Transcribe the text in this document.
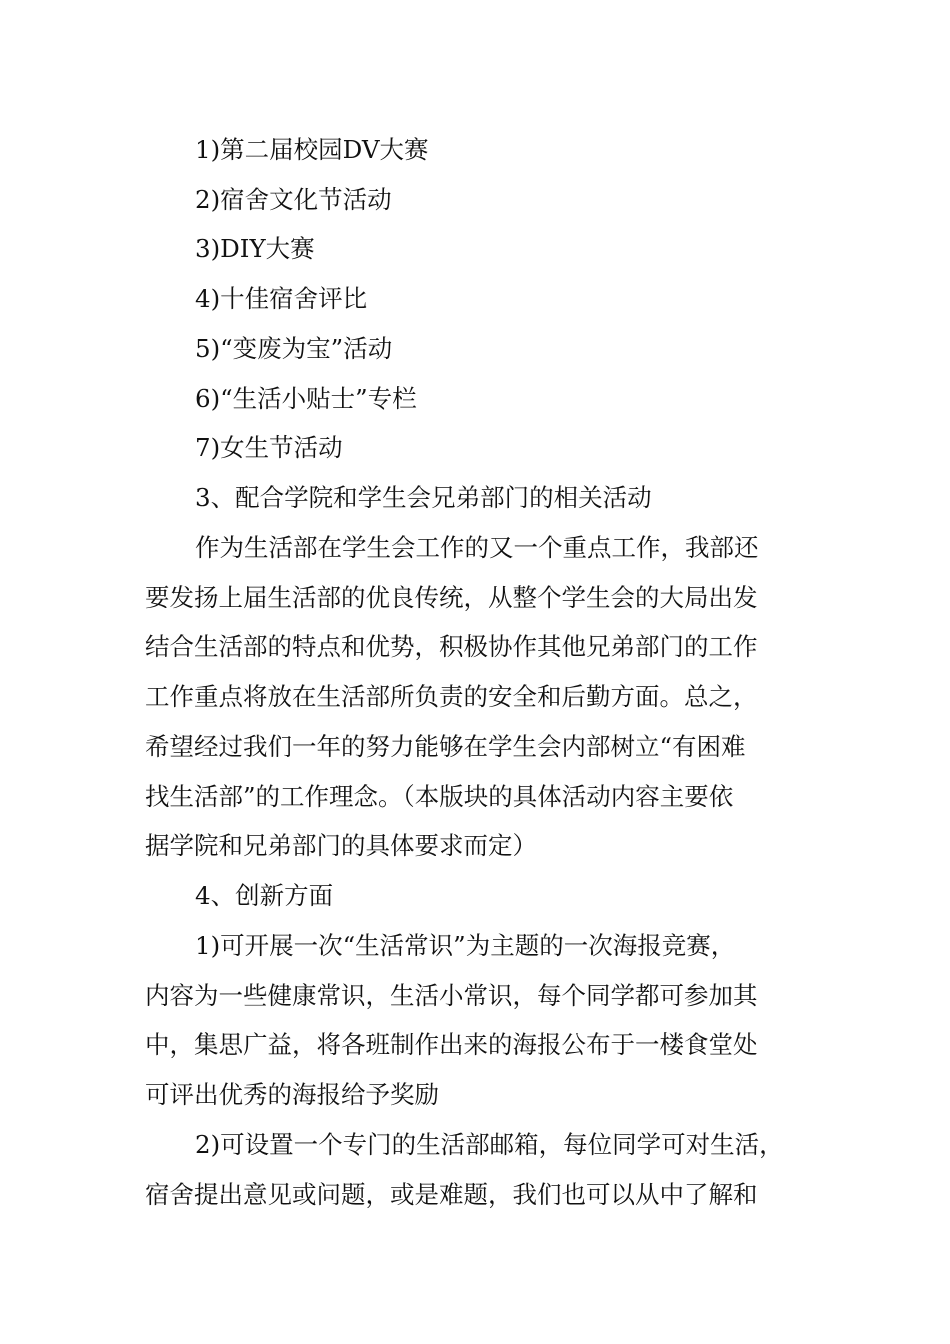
1)第二届校园DV大赛
2)宿舍文化节活动
3)DIY大赛
4)十佳宿舍评比
5)“变废为宝”活动
6)“生活小贴士”专栏
7)女生节活动
3、配合学院和学生会兄弟部门的相关活动
作为生活部在学生会工作的又一个重点工作，我部还
要发扬上届生活部的优良传统，从整个学生会的大局出发
结合生活部的特点和优势，积极协作其他兄弟部门的工作
工作重点将放在生活部所负责的安全和后勤方面。总之，
希望经过我们一年的努力能够在学生会内部树立“有困难
找生活部”的工作理念。（本版块的具体活动内容主要依
据学院和兄弟部门的具体要求而定）
4、创新方面
1)可开展一次“生活常识”为主题的一次海报竞赛，
内容为一些健康常识，生活小常识，每个同学都可参加其
中，集思广益，将各班制作出来的海报公布于一楼食堂处
可评出优秀的海报给予奖励
2)可设置一个专门的生活部邮箱，每位同学可对生活，
宿舍提出意见或问题，或是难题，我们也可以从中了解和
